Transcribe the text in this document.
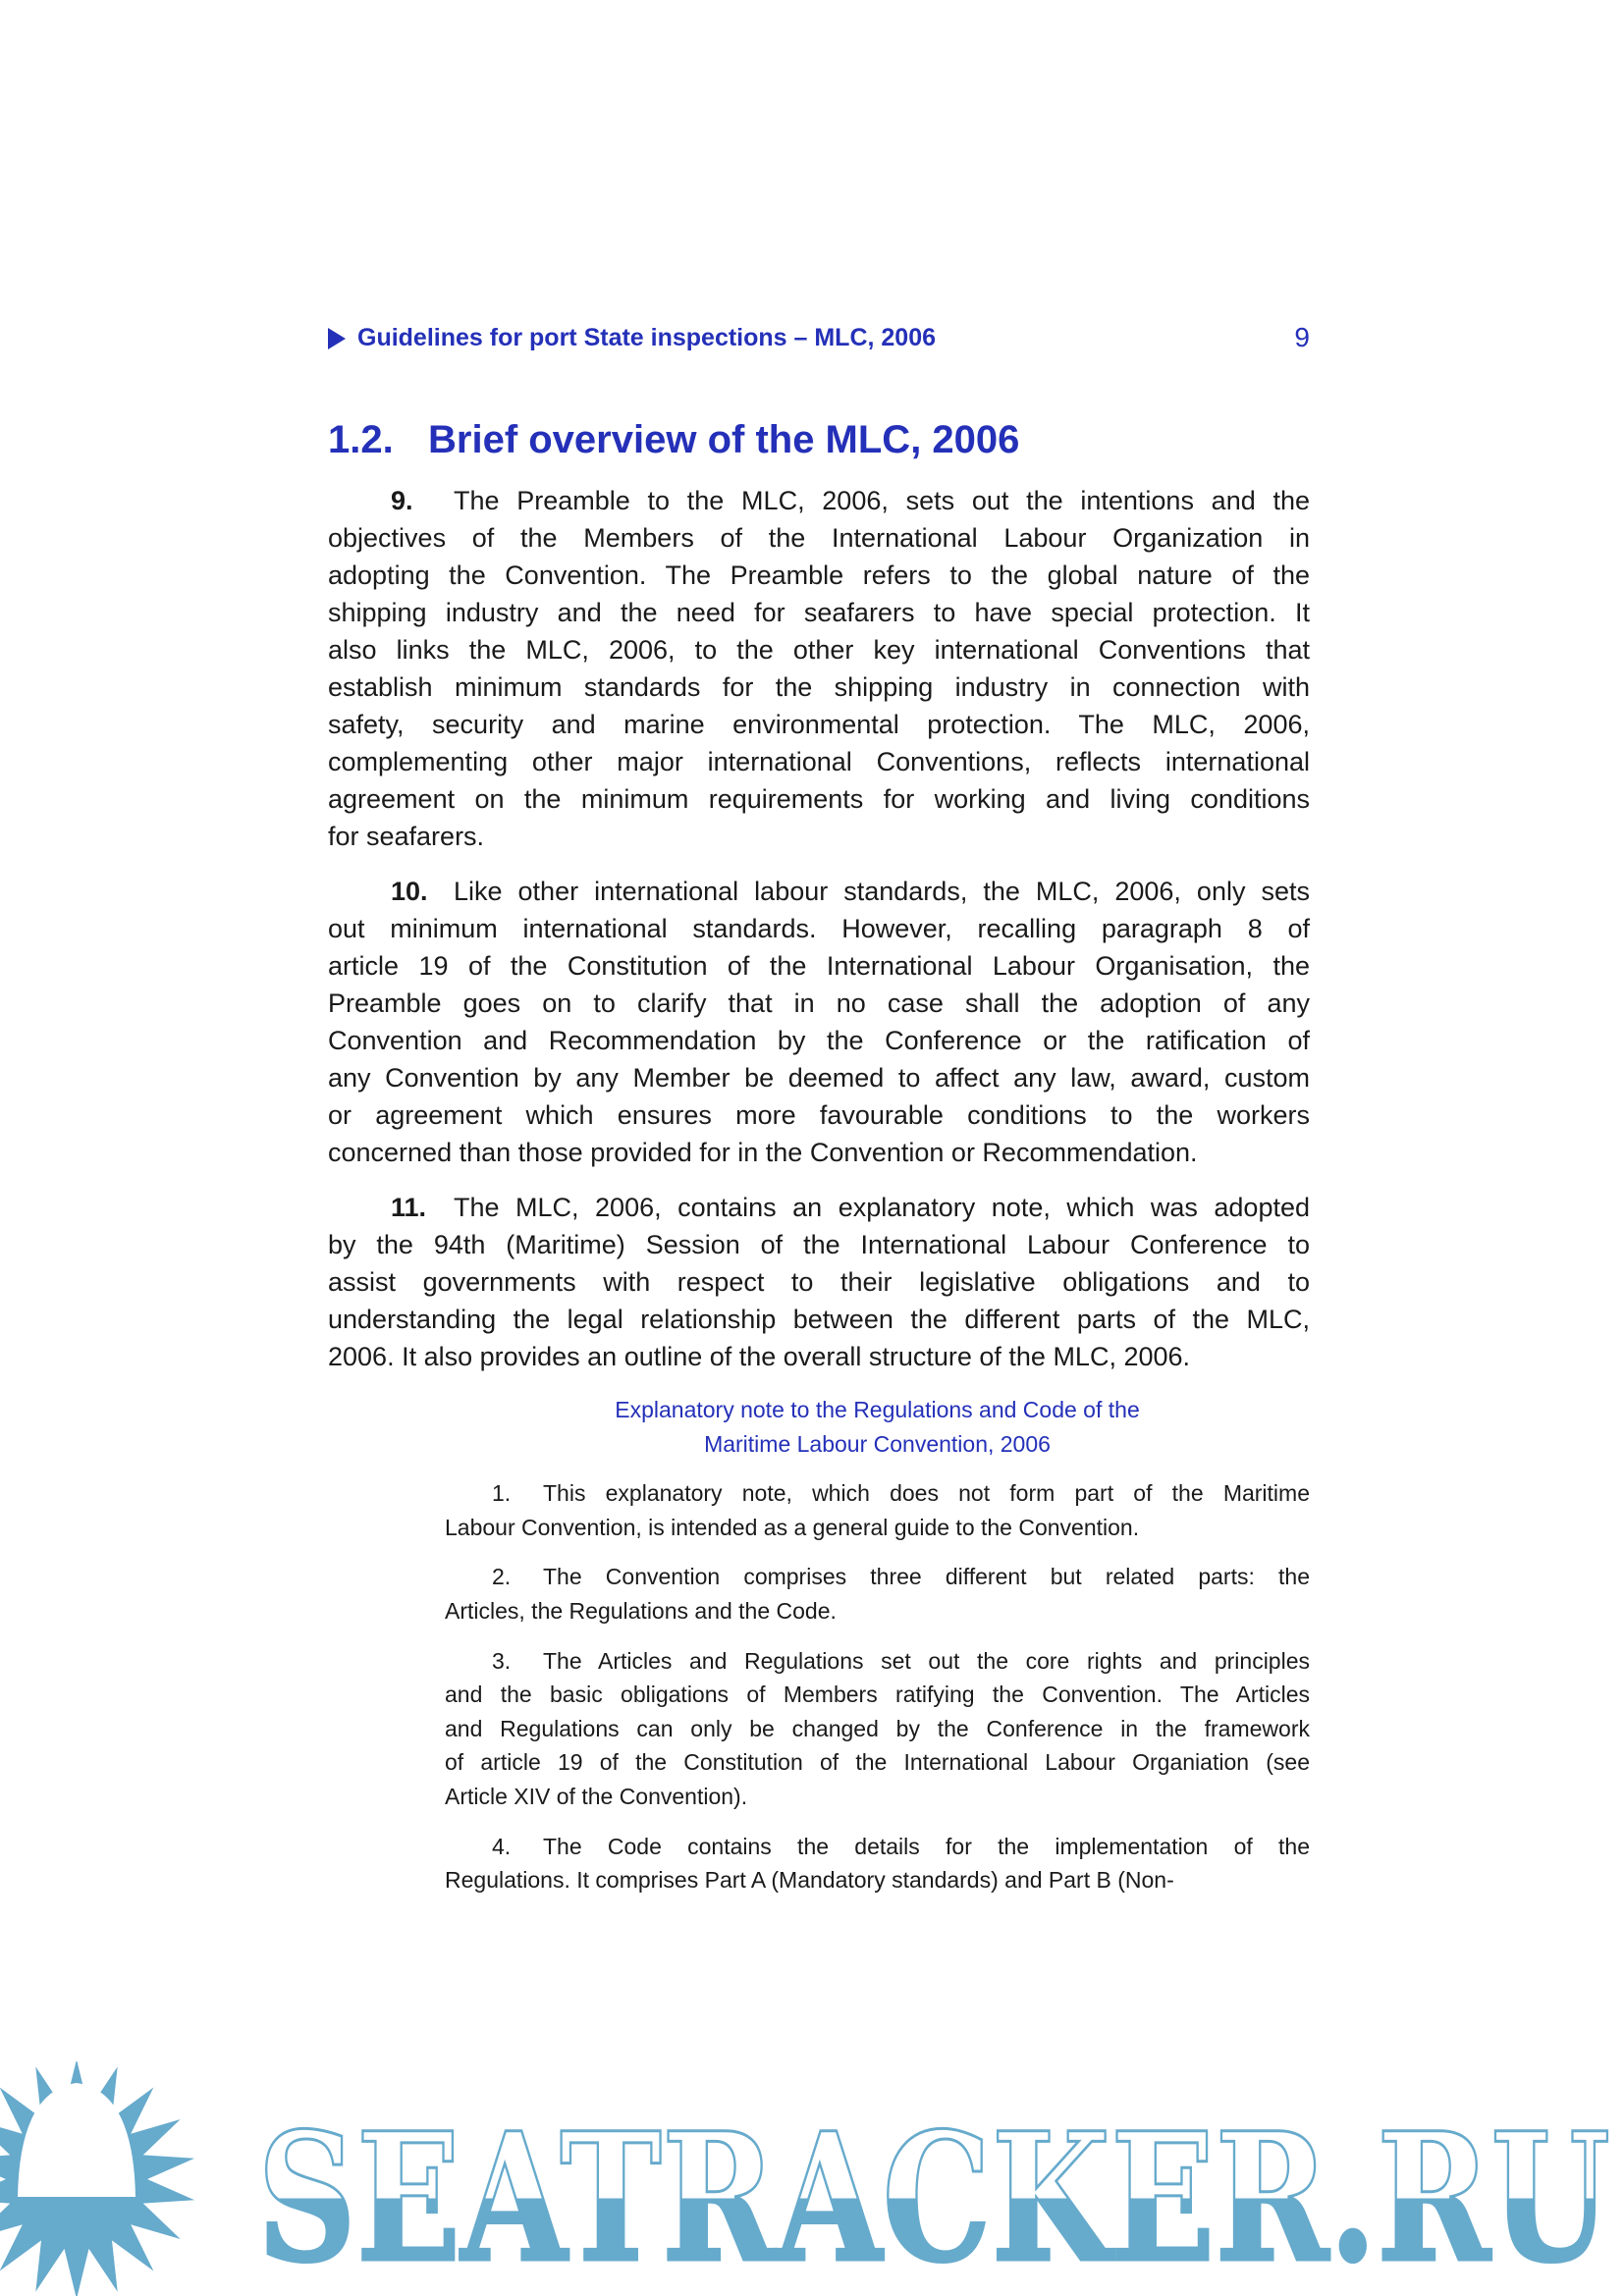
Guidelines for port State inspections – MLC, 2006	9
1.2. Brief overview of the MLC, 2006
9. The Preamble to the MLC, 2006, sets out the intentions and the
objectives of the Members of the International Labour Organization in
adopting the Convention. The Preamble refers to the global nature of the
shipping industry and the need for seafarers to have special protection. It
also links the MLC, 2006, to the other key international Conventions that
establish minimum standards for the shipping industry in connection with
safety, security and marine environmental protection. The MLC, 2006,
complementing other major international Conventions, reflects international
agreement on the minimum requirements for working and living conditions
for seafarers.
10. Like other international labour standards, the MLC, 2006, only sets
out minimum international standards. However, recalling paragraph 8 of
article 19 of the Constitution of the International Labour Organisation, the
Preamble goes on to clarify that in no case shall the adoption of any
Convention and Recommendation by the Conference or the ratification of
any Convention by any Member be deemed to affect any law, award, custom
or agreement which ensures more favourable conditions to the workers
concerned than those provided for in the Convention or Recommendation.
11. The MLC, 2006, contains an explanatory note, which was adopted
by the 94th (Maritime) Session of the International Labour Conference to
assist governments with respect to their legislative obligations and to
understanding the legal relationship between the different parts of the MLC,
2006. It also provides an outline of the overall structure of the MLC, 2006.
Explanatory note to the Regulations and Code of the
Maritime Labour Convention, 2006
1. This explanatory note, which does not form part of the Maritime
Labour Convention, is intended as a general guide to the Convention.
2. The Convention comprises three different but related parts: the
Articles, the Regulations and the Code.
3. The Articles and Regulations set out the core rights and principles
and the basic obligations of Members ratifying the Convention. The Articles
and Regulations can only be changed by the Conference in the framework
of article 19 of the Constitution of the International Labour Organiation (see
Article XIV of the Convention).
4. The Code contains the details for the implementation of the
Regulations. It comprises Part A (Mandatory standards) and Part B (Non-
SEATRACKER.RU
